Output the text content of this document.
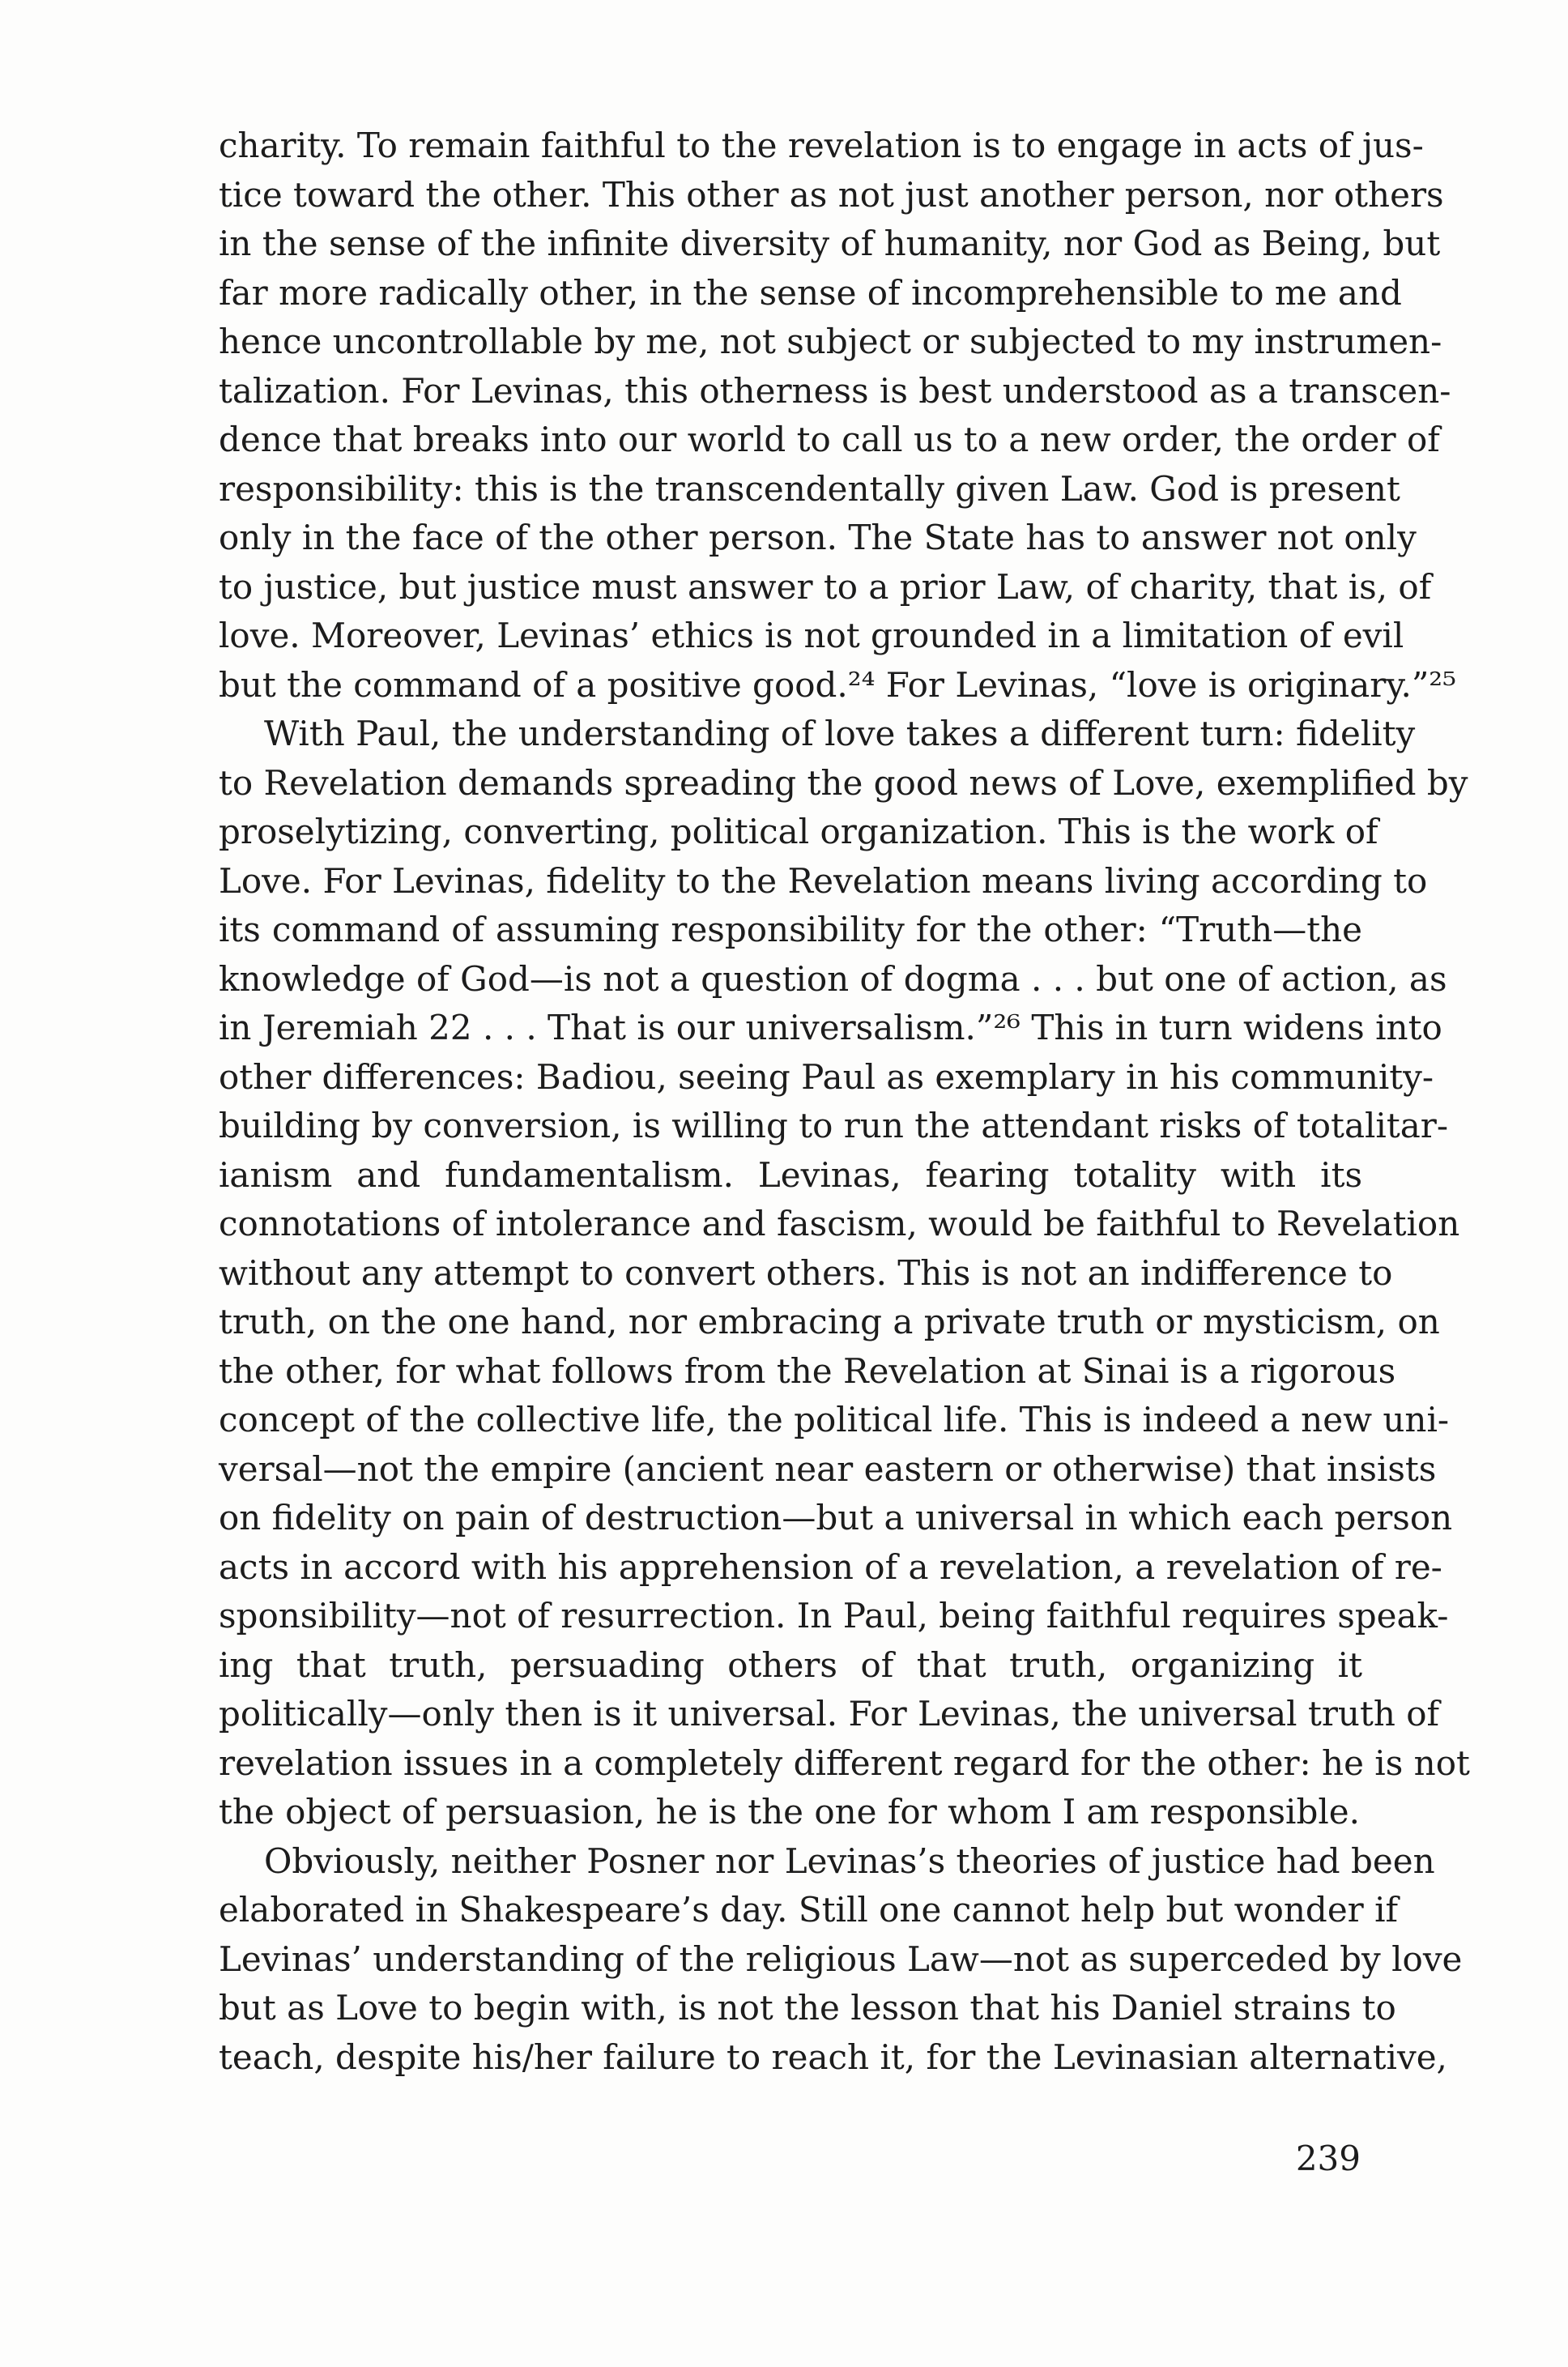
charity. To remain faithful to the revelation is to engage in acts of jus-
tice toward the other. This other as not just another person, nor others
in the sense of the infinite diversity of humanity, nor God as Being, but
far more radically other, in the sense of incomprehensible to me and
hence uncontrollable by me, not subject or subjected to my instrumen-
talization. For Levinas, this otherness is best understood as a transcen-
dence that breaks into our world to call us to a new order, the order of
responsibility: this is the transcendentally given Law. God is present
only in the face of the other person. The State has to answer not only
to justice, but justice must answer to a prior Law, of charity, that is, of
love. Moreover, Levinas’ ethics is not grounded in a limitation of evil
but the command of a positive good.²⁴ For Levinas, “love is originary.”²⁵
With Paul, the understanding of love takes a different turn: fidelity
to Revelation demands spreading the good news of Love, exemplified by
proselytizing, converting, political organization. This is the work of
Love. For Levinas, fidelity to the Revelation means living according to
its command of assuming responsibility for the other: “Truth—the
knowledge of God—is not a question of dogma . . . but one of action, as
in Jeremiah 22 . . . That is our universalism.”²⁶ This in turn widens into
other differences: Badiou, seeing Paul as exemplary in his community-
building by conversion, is willing to run the attendant risks of totalitar-
ianism and fundamentalism. Levinas, fearing totality with its
connotations of intolerance and fascism, would be faithful to Revelation
without any attempt to convert others. This is not an indifference to
truth, on the one hand, nor embracing a private truth or mysticism, on
the other, for what follows from the Revelation at Sinai is a rigorous
concept of the collective life, the political life. This is indeed a new uni-
versal—not the empire (ancient near eastern or otherwise) that insists
on fidelity on pain of destruction—but a universal in which each person
acts in accord with his apprehension of a revelation, a revelation of re-
sponsibility—not of resurrection. In Paul, being faithful requires speak-
ing that truth, persuading others of that truth, organizing it
politically—only then is it universal. For Levinas, the universal truth of
revelation issues in a completely different regard for the other: he is not
the object of persuasion, he is the one for whom I am responsible.
Obviously, neither Posner nor Levinas’s theories of justice had been
elaborated in Shakespeare’s day. Still one cannot help but wonder if
Levinas’ understanding of the religious Law—not as superceded by love
but as Love to begin with, is not the lesson that his Daniel strains to
teach, despite his/her failure to reach it, for the Levinasian alternative,
239
